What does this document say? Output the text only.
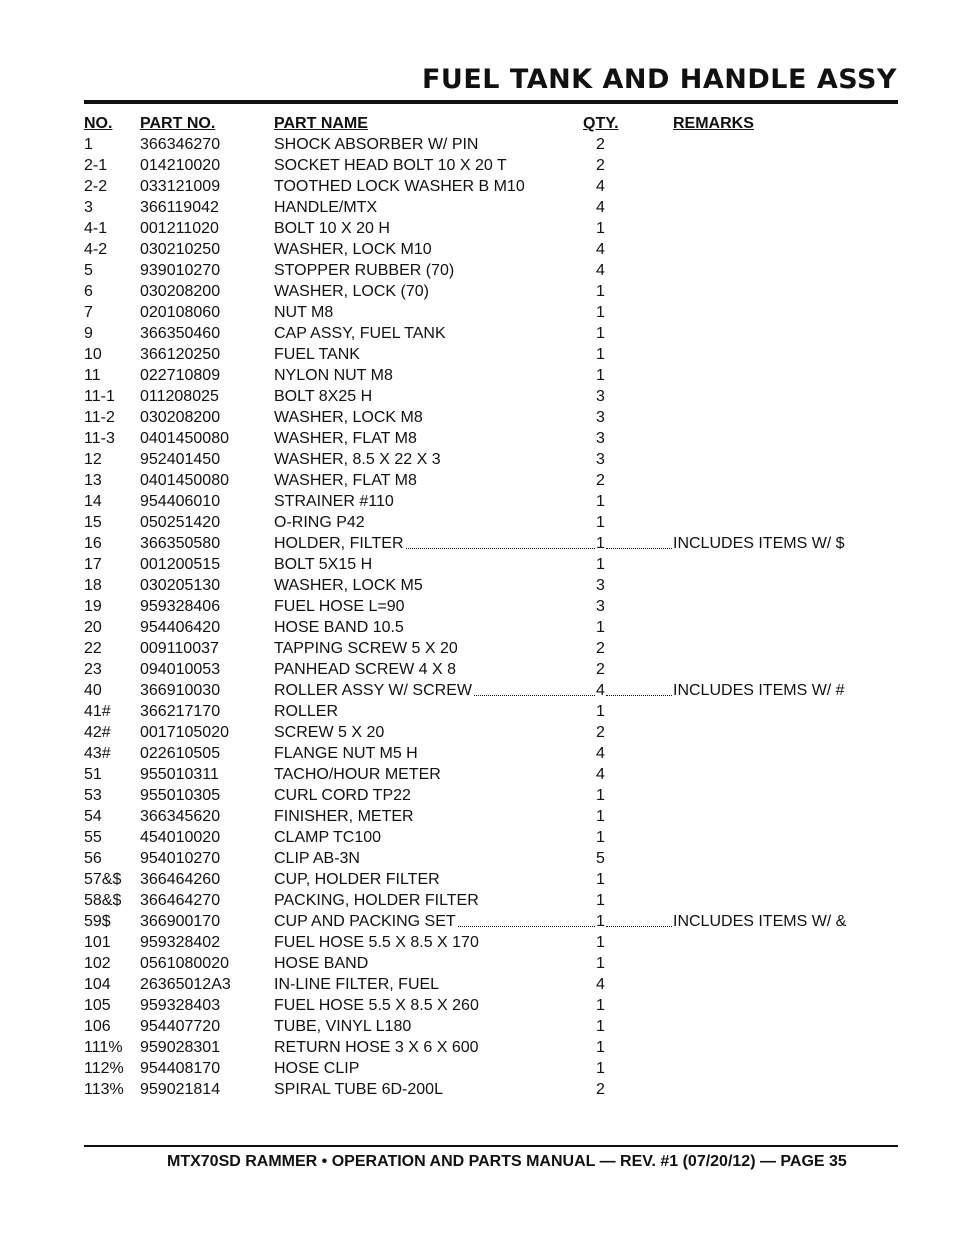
FUEL TANK AND HANDLE ASSY
NO. PART NO.	PART NAME	QTY.	REMARKS
1	366346270	SHOCK ABSORBER W/ PIN	2
2-1 014210020	SOCKET HEAD BOLT 10 X 20 T	2
2-2 033121009	TOOTHED LOCK WASHER B M10	4
3	366119042	HANDLE/MTX	4
4-1 001211020	BOLT 10 X 20 H	1
4-2 030210250	WASHER, LOCK M10	4
5	939010270	STOPPER RUBBER (70)	4
6	030208200	WASHER, LOCK (70)	1
7	020108060	NUT M8	1
9	366350460	CAP ASSY, FUEL TANK	1
10 366120250	FUEL TANK	1
11 022710809	NYLON NUT M8	1
11-1 011208025	BOLT 8X25 H	3
11-2 030208200	WASHER, LOCK M8	3
11-3 0401450080	WASHER, FLAT M8	3
12 952401450	WASHER, 8.5 X 22 X 3	3
13 0401450080	WASHER, FLAT M8	2
14 954406010	STRAINER #110	1
15 050251420	O-RING P42	1
16 366350580	HOLDER, FILTER	1	INCLUDES ITEMS W/ $
17 001200515	BOLT 5X15 H	1
18 030205130	WASHER, LOCK M5	3
19 959328406	FUEL HOSE L=90	3
20 954406420	HOSE BAND 10.5	1
22 009110037	TAPPING SCREW 5 X 20	2
23 094010053	PANHEAD SCREW 4 X 8	2
40 366910030	ROLLER ASSY W/ SCREW	4	INCLUDES ITEMS W/ #
41# 366217170	ROLLER	1
42# 0017105020	SCREW 5 X 20	2
43# 022610505	FLANGE NUT M5 H	4
51 955010311	TACHO/HOUR METER	4
53 955010305	CURL CORD TP22	1
54 366345620	FINISHER, METER	1
55 454010020	CLAMP TC100	1
56 954010270	CLIP AB-3N	5
57&$ 366464260	CUP, HOLDER FILTER	1
58&$ 366464270	PACKING, HOLDER FILTER	1
59$ 366900170	CUP AND PACKING SET	1	INCLUDES ITEMS W/ &
101 959328402	FUEL HOSE 5.5 X 8.5 X 170	1
102 0561080020	HOSE BAND	1
104 26365012A3	IN-LINE FILTER, FUEL	4
105 959328403	FUEL HOSE 5.5 X 8.5 X 260	1
106 954407720	TUBE, VINYL L180	1
111% 959028301	RETURN HOSE 3 X 6 X 600	1
112% 954408170	HOSE CLIP	1
113% 959021814	SPIRAL TUBE 6D-200L	2
MTX70SD RAMMER • OPERATION AND PARTS MANUAL — REV. #1 (07/20/12) — PAGE 35
